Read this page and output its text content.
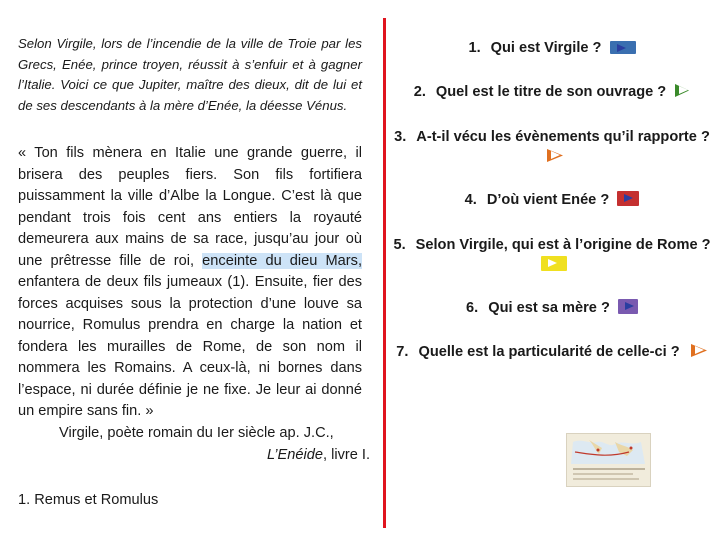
Selon Virgile, lors de l’incendie de la ville de Troie par les Grecs, Enée, prince troyen, réussit à s’enfuir et à gagner l’Italie. Voici ce que Jupiter, maître des dieux, dit de lui et de ses descendants à la mère d’Enée, la déesse Vénus.

« Ton fils mènera en Italie une grande guerre, il brisera des peuples fiers. Son fils fortifiera puissamment la ville d’Albe la Longue. C’est là que pendant trois fois cent ans entiers la royauté demeurera aux mains de sa race, jusqu’au jour où une prêtresse fille de roi, enceinte du dieu Mars, enfantera de deux fils jumeaux (1). Ensuite, fier des forces acquises sous la protection d’une louve sa nourrice, Romulus prendra en charge la nation et fondera les murailles de Rome, de son nom il nommera les Romains. A ceux-là, ni bornes dans l’espace, ni durée définie je ne fixe. Je leur ai donné un empire sans fin. »
Virgile, poète romain du Ier siècle ap. J.C.,
L’Enéide, livre I.
1. Remus et Romulus
1. Qui est Virgile ?
2. Quel est le titre de son ouvrage ?
3. A-t-il vécu les évènements qu’il rapporte ?
4. D’où vient Enée ?
5. Selon Virgile, qui est à l’origine de Rome ?
6. Qui est sa mère ?
7. Quelle est la particularité de celle-ci ?
